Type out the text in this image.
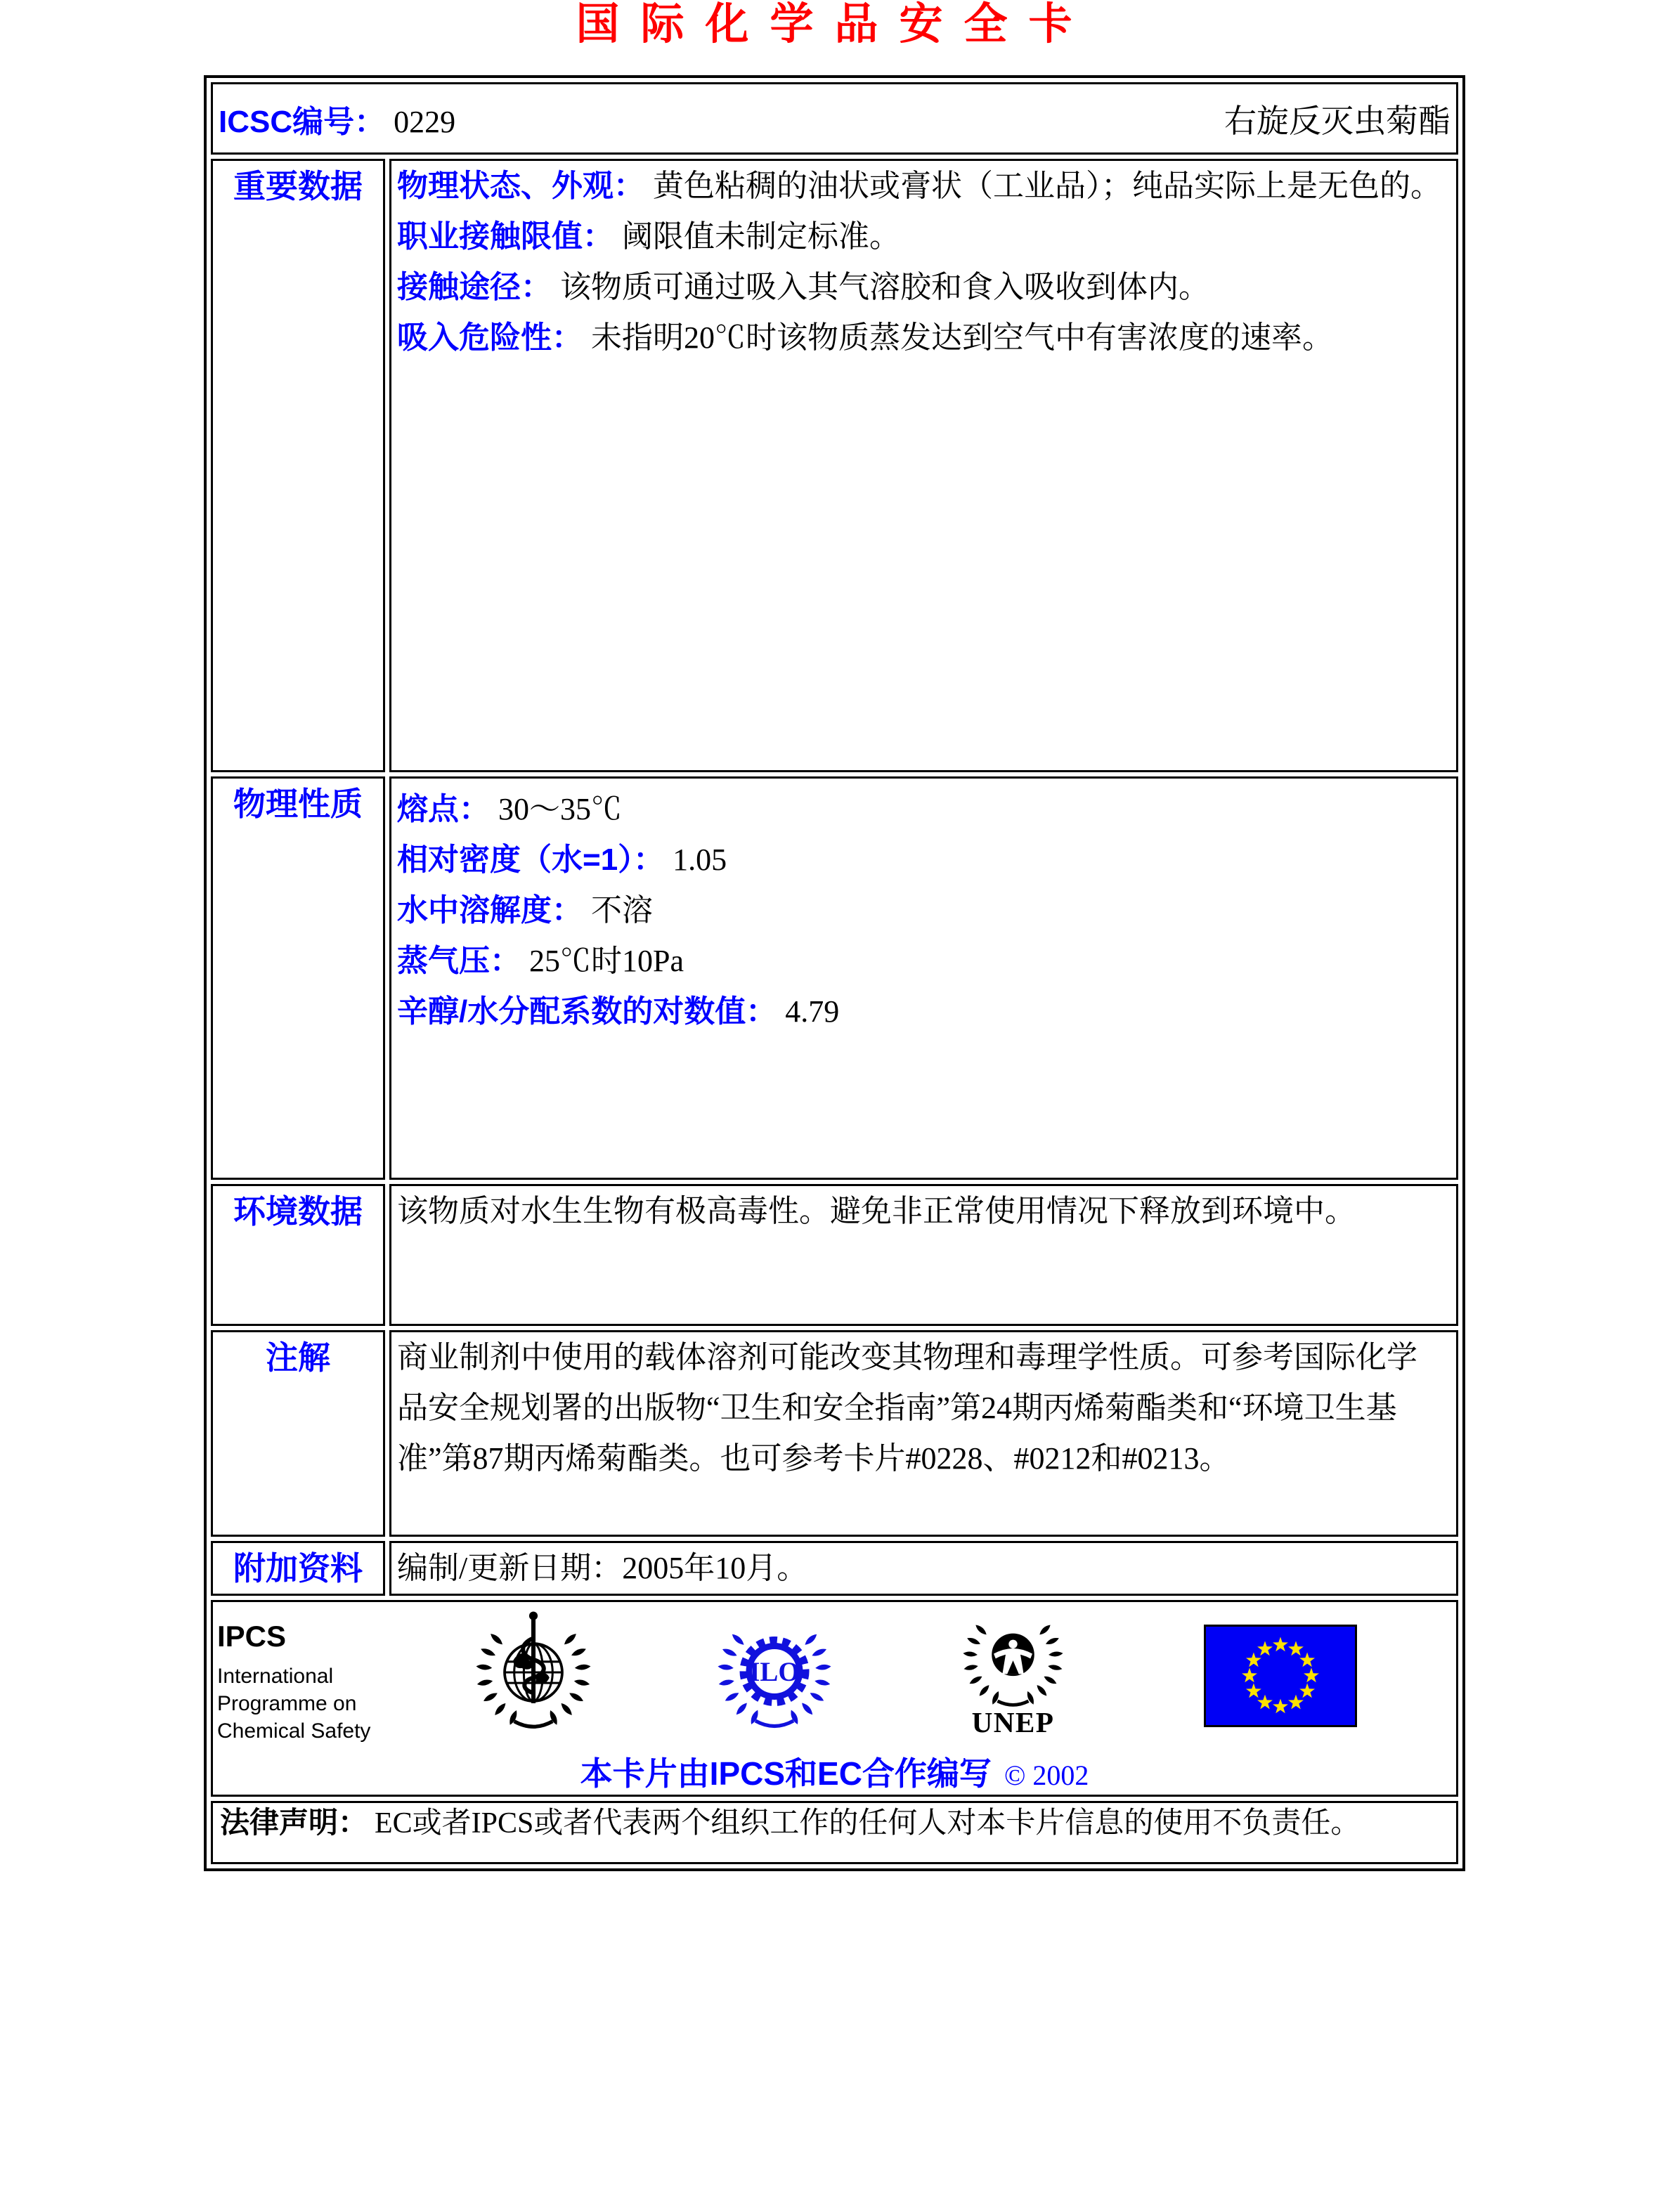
国际化学品安全卡
ICSC编号： 0229 右旋反灭虫菊酯	

重要数据	物理状态、外观： 黄色粘稠的油状或膏状（工业品）；纯品实际上是无色的。
职业接触限值： 阈限值未制定标准。
接触途径： 该物质可通过吸入其气溶胶和食入吸收到体内。
吸入危险性： 未指明20℃时该物质蒸发达到空气中有害浓度的速率。

物理性质	熔点： 30～35℃
相对密度（水=1）： 1.05
水中溶解度： 不溶
蒸气压： 25℃时10Pa
辛醇/水分配系数的对数值： 4.79

环境数据	该物质对水生生物有极高毒性。避免非正常使用情况下释放到环境中。

注解	商业制剂中使用的载体溶剂可能改变其物理和毒理学性质。可参考国际化学品安全规划署的出版物“卫生和安全指南”第24期丙烯菊酯类和“环境卫生基准”第87期丙烯菊酯类。也可参考卡片#0228、#0212和#0213。

附加资料	编制/更新日期：2005年10月。

IPCS
International
Programme on
Chemical Safety
ILO
UNEP
本卡片由IPCS和EC合作编写 © 2002

法律声明： EC或者IPCS或者代表两个组织工作的任何人对本卡片信息的使用不负责任。	
